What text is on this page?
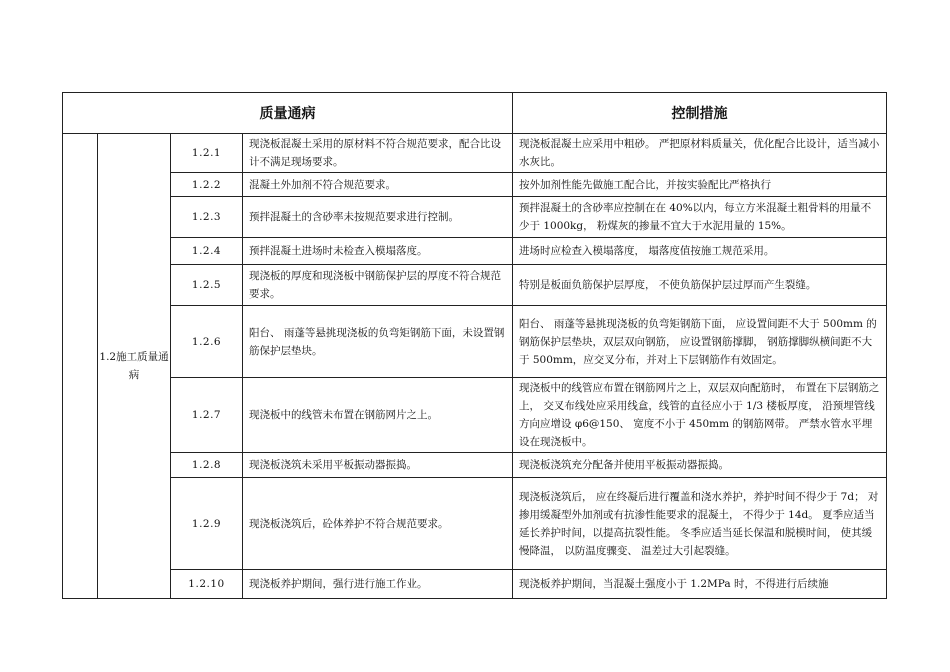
质量通病				控制措施
	1.2施工质量通病	1.2.1	现浇板混凝土采用的原材料不符合规范要求，配合比设计不满足现场要求。	现浇板混凝土应采用中粗砂。 严把原材料质量关，优化配合比设计，适当减小水灰比。
		1.2.2	混凝土外加剂不符合规范要求。	按外加剂性能先做施工配合比，并按实验配比严格执行
		1.2.3	预拌混凝土的含砂率未按规范要求进行控制。	预拌混凝土的含砂率应控制在在 40%以内，每立方米混凝土粗骨料的用量不少于 1000kg， 粉煤灰的掺量不宜大于水泥用量的 15%。
		1.2.4	预拌混凝土进场时未检查入模塌落度。	进场时应检查入模塌落度， 塌落度值按施工规范采用。
		1.2.5	现浇板的厚度和现浇板中钢筋保护层的厚度不符合规范要求。	特别是板面负筋保护层厚度， 不使负筋保护层过厚而产生裂缝。
		1.2.6	阳台、 雨蓬等悬挑现浇板的负弯矩钢筋下面，未设置钢筋保护层垫块。	阳台、 雨蓬等悬挑现浇板的负弯矩钢筋下面， 应设置间距不大于 500mm 的钢筋保护层垫块，双层双向钢筋， 应设置钢筋撑脚， 钢筋撑脚纵横间距不大于 500mm，应交叉分布，并对上下层钢筋作有效固定。
		1.2.7	现浇板中的线管未布置在钢筋网片之上。	现浇板中的线管应布置在钢筋网片之上，双层双向配筋时， 布置在下层钢筋之上， 交叉布线处应采用线盒，线管的直径应小于 1/3 楼板厚度， 沿预埋管线方向应增设 φ6@150、 宽度不小于 450mm 的钢筋网带。 严禁水管水平埋设在现浇板中。
		1.2.8	现浇板浇筑未采用平板振动器振捣。	现浇板浇筑充分配备并使用平板振动器振捣。
		1.2.9	现浇板浇筑后，砼体养护不符合规范要求。	现浇板浇筑后， 应在终凝后进行覆盖和浇水养护，养护时间不得少于 7d； 对掺用缓凝型外加剂或有抗渗性能要求的混凝土， 不得少于 14d。 夏季应适当延长养护时间，以提高抗裂性能。 冬季应适当延长保温和脱模时间， 使其缓慢降温， 以防温度骤变、 温差过大引起裂缝。
		1.2.10	现浇板养护期间，强行进行施工作业。	现浇板养护期间，当混凝土强度小于 1.2MPa 时，不得进行后续施
